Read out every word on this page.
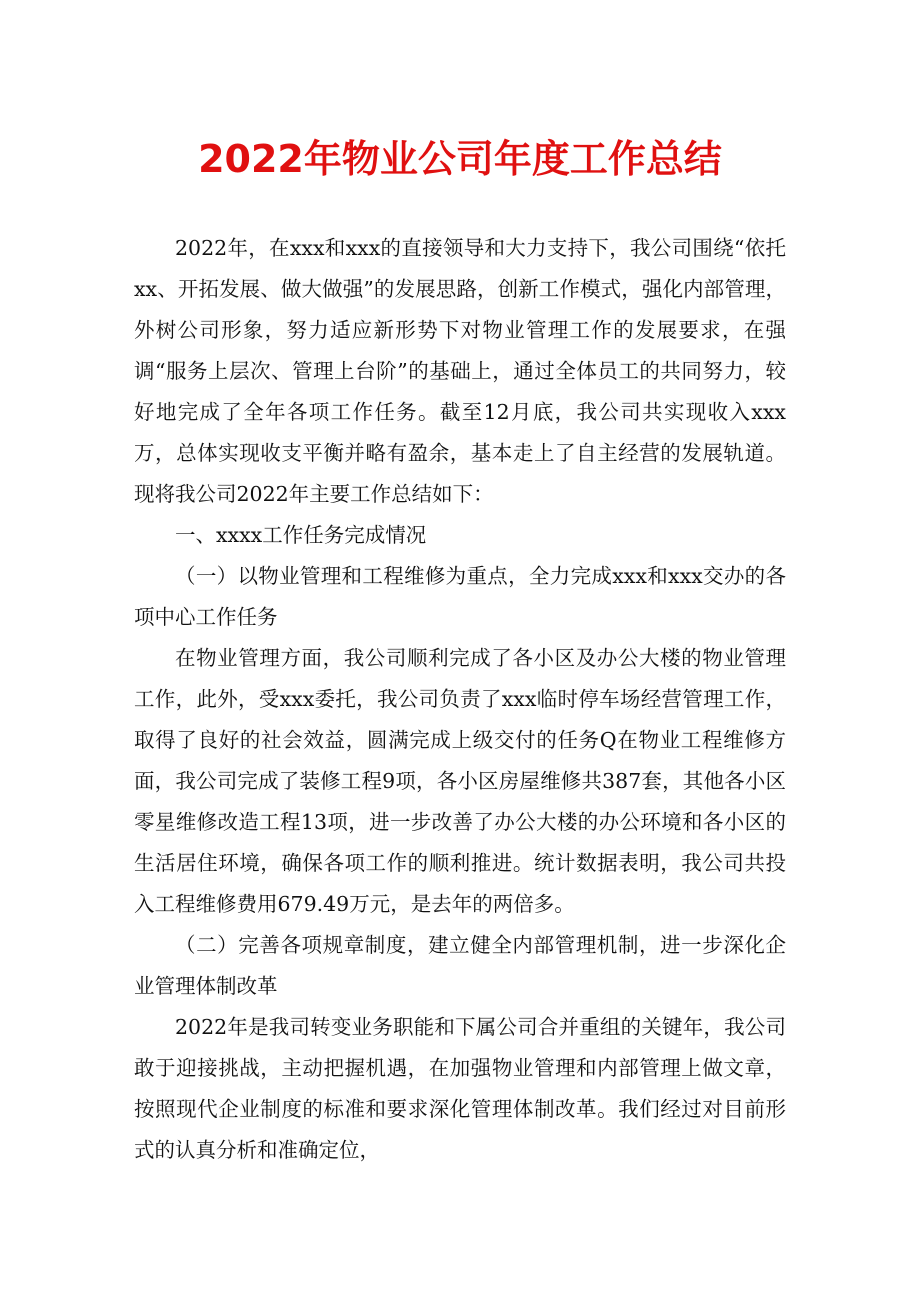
2022年物业公司年度工作总结

2022年，在xxx和xxx的直接领导和大力支持下，我公司围绕“依托xx、开拓发展、做大做强”的发展思路，创新工作模式，强化内部管理，外树公司形象，努力适应新形势下对物业管理工作的发展要求，在强调“服务上层次、管理上台阶”的基础上，通过全体员工的共同努力，较好地完成了全年各项工作任务。截至12月底，我公司共实现收入xxx万，总体实现收支平衡并略有盈余，基本走上了自主经营的发展轨道。现将我公司2022年主要工作总结如下：

一、xxxx工作任务完成情况

（一）以物业管理和工程维修为重点，全力完成xxx和xxx交办的各项中心工作任务

在物业管理方面，我公司顺利完成了各小区及办公大楼的物业管理工作，此外，受xxx委托，我公司负责了xxx临时停车场经营管理工作，取得了良好的社会效益，圆满完成上级交付的任务Q在物业工程维修方面，我公司完成了装修工程9项，各小区房屋维修共387套，其他各小区零星维修改造工程13项，进一步改善了办公大楼的办公环境和各小区的生活居住环境，确保各项工作的顺利推进。统计数据表明，我公司共投入工程维修费用679.49万元，是去年的两倍多。

（二）完善各项规章制度，建立健全内部管理机制，进一步深化企业管理体制改革

2022年是我司转变业务职能和下属公司合并重组的关键年，我公司敢于迎接挑战，主动把握机遇，在加强物业管理和内部管理上做文章，按照现代企业制度的标准和要求深化管理体制改革。我们经过对目前形式的认真分析和准确定位，
